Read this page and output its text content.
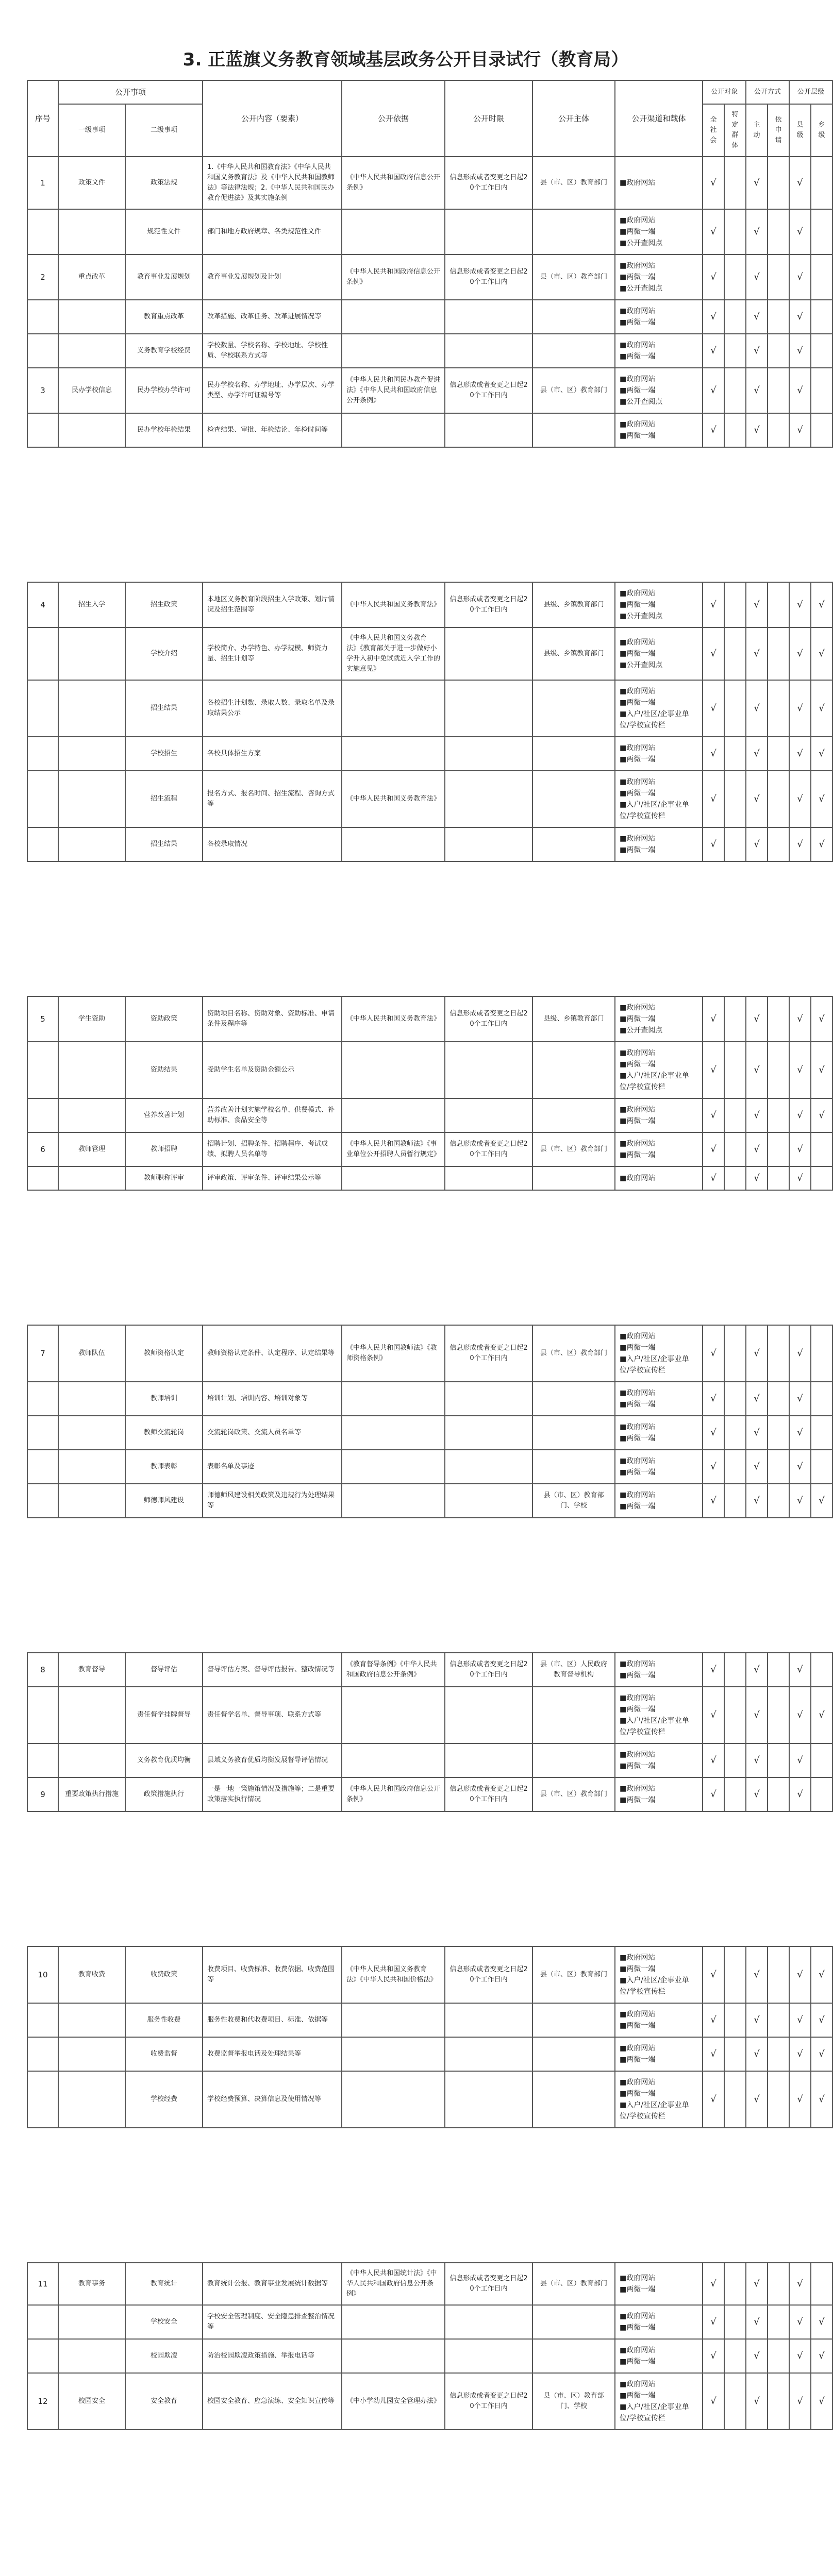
3. 正蓝旗义务教育领域基层政务公开目录试行（教育局）
序号	公开事项		公开内容（要素）	公开依据	公开时限	公开主体	公开渠道和载体	公开对象		公开方式		公开层级	
	一级事项	二级事项						全社会	特定群体	主动	依申请	县级	乡级
1	政策文件	政策法规	1.《中华人民共和国教育法》《中华人民共和国义务教育法》及《中华人民共和国教师法》等法律法规；2.《中华人民共和国民办教育促进法》及其实施条例	《中华人民共和国政府信息公开条例》	信息形成或者变更之日起20个工作日内	县（市、区）教育部门	■政府网站	√		√		√	
		规范性文件	部门和地方政府规章、各类规范性文件				■政府网站
■两微一端
■公开查阅点	√		√		√	
2	重点改革	教育事业发展规划	教育事业发展规划及计划	《中华人民共和国政府信息公开条例》	信息形成或者变更之日起20个工作日内	县（市、区）教育部门	■政府网站
■两微一端
■公开查阅点	√		√		√	
		教育重点改革	改革措施、改革任务、改革进展情况等				■政府网站
■两微一端	√		√		√	
		义务教育学校经费	学校数量、学校名称、学校地址、学校性质、学校联系方式等				■政府网站
■两微一端	√		√		√	
3	民办学校信息	民办学校办学许可	民办学校名称、办学地址、办学层次、办学类型、办学许可证编号等	《中华人民共和国民办教育促进法》《中华人民共和国政府信息公开条例》	信息形成或者变更之日起20个工作日内	县（市、区）教育部门	■政府网站
■两微一端
■公开查阅点	√		√		√	
		民办学校年检结果	检查结果、审批、年检结论、年检时间等				■政府网站
■两微一端	√		√		√	
4	招生入学	招生政策	本地区义务教育阶段招生入学政策、划片情况及招生范围等	《中华人民共和国义务教育法》	信息形成或者变更之日起20个工作日内	县级、乡镇教育部门	■政府网站
■两微一端
■公开查阅点	√		√		√	√
		学校介绍	学校简介、办学特色、办学规模、师资力量、招生计划等	《中华人民共和国义务教育法》《教育部关于进一步做好小学升入初中免试就近入学工作的实施意见》		县级、乡镇教育部门	■政府网站
■两微一端
■公开查阅点	√		√		√	√
		招生结果	各校招生计划数、录取人数、录取名单及录取结果公示				■政府网站
■两微一端
■入户/社区/企事业单位/学校宣传栏	√		√		√	√
		学校招生	各校具体招生方案				■政府网站
■两微一端	√		√		√	√
		招生流程	报名方式、报名时间、招生流程、咨询方式等	《中华人民共和国义务教育法》			■政府网站
■两微一端
■入户/社区/企事业单位/学校宣传栏	√		√		√	√
		招生结果	各校录取情况				■政府网站
■两微一端	√		√		√	√
5	学生资助	资助政策	资助项目名称、资助对象、资助标准、申请条件及程序等	《中华人民共和国义务教育法》	信息形成或者变更之日起20个工作日内	县级、乡镇教育部门	■政府网站
■两微一端
■公开查阅点	√		√		√	√
		资助结果	受助学生名单及资助金额公示				■政府网站
■两微一端
■入户/社区/企事业单位/学校宣传栏	√		√		√	√
		营养改善计划	营养改善计划实施学校名单、供餐模式、补助标准、食品安全等				■政府网站
■两微一端	√		√		√	√
6	教师管理	教师招聘	招聘计划、招聘条件、招聘程序、考试成绩、拟聘人员名单等	《中华人民共和国教师法》《事业单位公开招聘人员暂行规定》	信息形成或者变更之日起20个工作日内	县（市、区）教育部门	■政府网站
■两微一端	√		√		√	
		教师职称评审	评审政策、评审条件、评审结果公示等				■政府网站	√		√		√	
7	教师队伍	教师资格认定	教师资格认定条件、认定程序、认定结果等	《中华人民共和国教师法》《教师资格条例》	信息形成或者变更之日起20个工作日内	县（市、区）教育部门	■政府网站
■两微一端
■入户/社区/企事业单位/学校宣传栏	√		√		√	
		教师培训	培训计划、培训内容、培训对象等				■政府网站
■两微一端	√		√		√	
		教师交流轮岗	交流轮岗政策、交流人员名单等				■政府网站
■两微一端	√		√		√	
		教师表彰	表彰名单及事迹				■政府网站
■两微一端	√		√		√	
		师德师风建设	师德师风建设相关政策及违规行为处理结果等			县（市、区）教育部门、学校	■政府网站
■两微一端	√		√		√	√
8	教育督导	督导评估	督导评估方案、督导评估报告、整改情况等	《教育督导条例》《中华人民共和国政府信息公开条例》	信息形成或者变更之日起20个工作日内	县（市、区）人民政府教育督导机构	■政府网站
■两微一端	√		√		√	
		责任督学挂牌督导	责任督学名单、督导事项、联系方式等				■政府网站
■两微一端
■入户/社区/企事业单位/学校宣传栏	√		√		√	√
		义务教育优质均衡	县域义务教育优质均衡发展督导评估情况				■政府网站
■两微一端	√		√		√	
9	重要政策执行措施	政策措施执行	一是一地一策施策情况及措施等；二是重要政策落实执行情况	《中华人民共和国政府信息公开条例》	信息形成或者变更之日起20个工作日内	县（市、区）教育部门	■政府网站
■两微一端	√		√		√	
10	教育收费	收费政策	收费项目、收费标准、收费依据、收费范围等	《中华人民共和国义务教育法》《中华人民共和国价格法》	信息形成或者变更之日起20个工作日内	县（市、区）教育部门	■政府网站
■两微一端
■入户/社区/企事业单位/学校宣传栏	√		√		√	√
		服务性收费	服务性收费和代收费项目、标准、依据等				■政府网站
■两微一端	√		√		√	√
		收费监督	收费监督举报电话及处理结果等				■政府网站
■两微一端	√		√		√	√
		学校经费	学校经费预算、决算信息及使用情况等				■政府网站
■两微一端
■入户/社区/企事业单位/学校宣传栏	√		√		√	√
11	教育事务	教育统计	教育统计公报、教育事业发展统计数据等	《中华人民共和国统计法》《中华人民共和国政府信息公开条例》	信息形成或者变更之日起20个工作日内	县（市、区）教育部门	■政府网站
■两微一端	√		√		√	
		学校安全	学校安全管理制度、安全隐患排查整治情况等				■政府网站
■两微一端	√		√		√	√
		校园欺凌	防治校园欺凌政策措施、举报电话等				■政府网站
■两微一端	√		√		√	√
12	校园安全	安全教育	校园安全教育、应急演练、安全知识宣传等	《中小学幼儿园安全管理办法》	信息形成或者变更之日起20个工作日内	县（市、区）教育部门、学校	■政府网站
■两微一端
■入户/社区/企事业单位/学校宣传栏	√		√		√	√
